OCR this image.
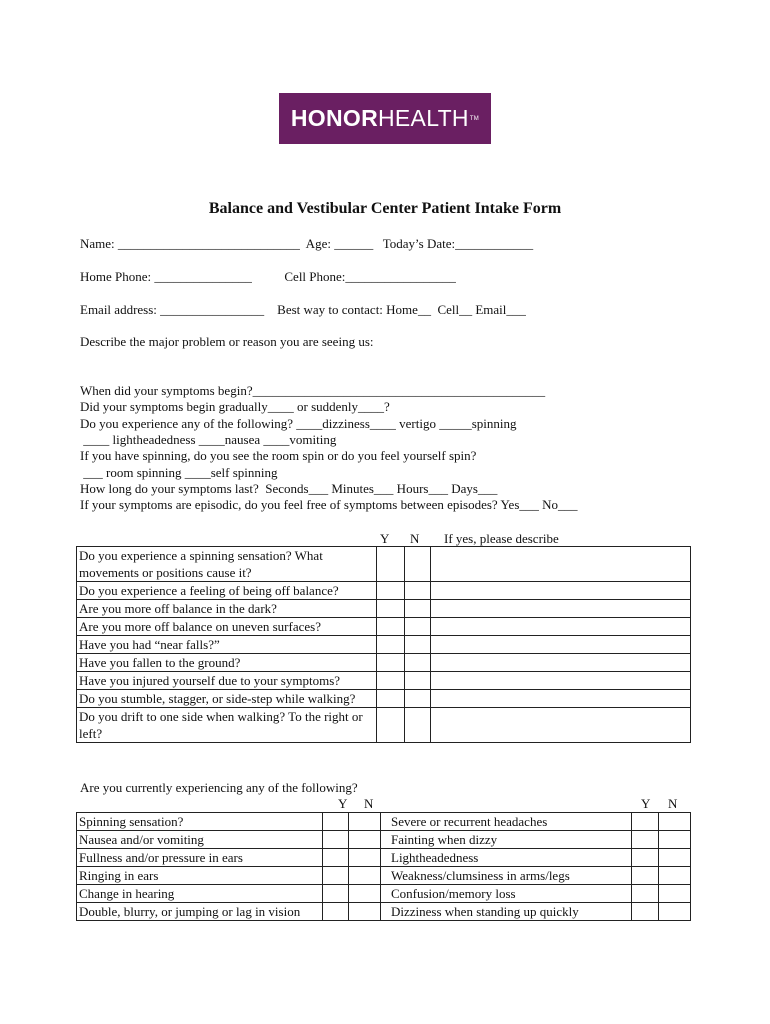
HONOR HEALTH TM
Balance and Vestibular Center Patient Intake Form
Name: ____________________________  Age: ______   Today’s Date:____________
Home Phone: _______________          Cell Phone:_________________
Email address: ________________    Best way to contact: Home__  Cell__ Email___
Describe the major problem or reason you are seeing us:
When did your symptoms begin?_____________________________________________
Did your symptoms begin gradually____ or suddenly____?
Do you experience any of the following? ____dizziness____ vertigo _____spinning
____ lightheadedness ____nausea ____vomiting
If you have spinning, do you see the room spin or do you feel yourself spin?
___ room spinning ____self spinning
How long do your symptoms last?  Seconds___ Minutes___ Hours___ Days___
If your symptoms are episodic, do you feel free of symptoms between episodes? Yes___ No___
Y N If yes, please describe
Do you experience a spinning sensation? What movements or positions cause it?			
Do you experience a feeling of being off balance?			
Are you more off balance in the dark?			
Are you more off balance on uneven surfaces?			
Have you had “near falls?”			
Have you fallen to the ground?			
Have you injured yourself due to your symptoms?			
Do you stumble, stagger, or side-step while walking?			
Do you drift to one side when walking? To the right or left?			
Are you currently experiencing any of the following?
Y N	Y N
Spinning sensation?			Severe or recurrent headaches		
Nausea and/or vomiting			Fainting when dizzy		
Fullness and/or pressure in ears			Lightheadedness		
Ringing in ears			Weakness/clumsiness in arms/legs		
Change in hearing			Confusion/memory loss		
Double, blurry, or jumping or lag in vision			Dizziness when standing up quickly		
